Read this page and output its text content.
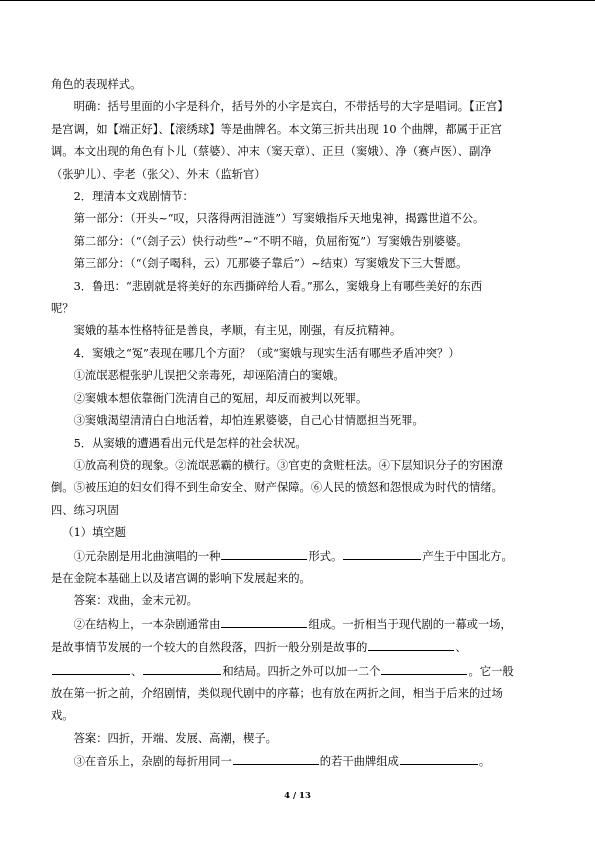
角色的表现样式。

明确：括号里面的小字是科介，括号外的小字是宾白，不带括号的大字是唱词。【正宫】

是宫调，如【端正好】、【滚绣球】等是曲牌名。本文第三折共出现 10 个曲牌，都属于正宫

调。本文出现的角色有卜儿（蔡婆）、冲末（窦天章）、正旦（窦娥）、净（赛卢医）、副净

（张驴儿）、孛老（张父）、外末（监斩官）

2．理清本文戏剧情节：

第一部分：（开头~“叹，只落得两泪涟涟”）写窦娥指斥天地鬼神，揭露世道不公。

第二部分：（“（刽子云）快行动些”~“不明不暗，负屈衔冤”）写窦娥告别婆婆。

第三部分：（“（刽子喝科，云）兀那婆子靠后”）~结束）写窦娥发下三大誓愿。

3．鲁迅：“悲剧就是将美好的东西撕碎给人看。”那么，窦娥身上有哪些美好的东西

呢？

窦娥的基本性格特征是善良，孝顺，有主见，刚强，有反抗精神。

4．窦娥之“冤”表现在哪几个方面？（或“窦娥与现实生活有哪些矛盾冲突？）

①流氓恶棍张驴儿误把父亲毒死，却诬陷清白的窦娥。

②窦娥本想依靠衙门洗清自己的冤屈，却反而被判以死罪。

③窦娥渴望清清白白地活着，却怕连累婆婆，自己心甘情愿担当死罪。

5．从窦娥的遭遇看出元代是怎样的社会状况。

①放高利贷的现象。②流氓恶霸的横行。③官吏的贪赃枉法。④下层知识分子的穷困潦

倒。⑤被压迫的妇女们得不到生命安全、财产保障。⑥人民的愤怒和怨恨成为时代的情绪。

四、练习巩固

（1）填空题

①元杂剧是用北曲演唱的一种	形式。	产生于中国北方。

是在金院本基础上以及诸宫调的影响下发展起来的。

答案：戏曲，金末元初。

②在结构上，一本杂剧通常由	组成。一折相当于现代剧的一幕或一场，

是故事情节发展的一个较大的自然段落，四折一般分别是故事的	、

、	和结局。四折之外可以加一二个	。它一般

放在第一折之前，介绍剧情，类似现代剧中的序幕；也有放在两折之间，相当于后来的过场

戏。

答案：四折，开端、发展、高潮，楔子。

③在音乐上，杂剧的每折用同一	的若干曲牌组成	。

4 / 13
